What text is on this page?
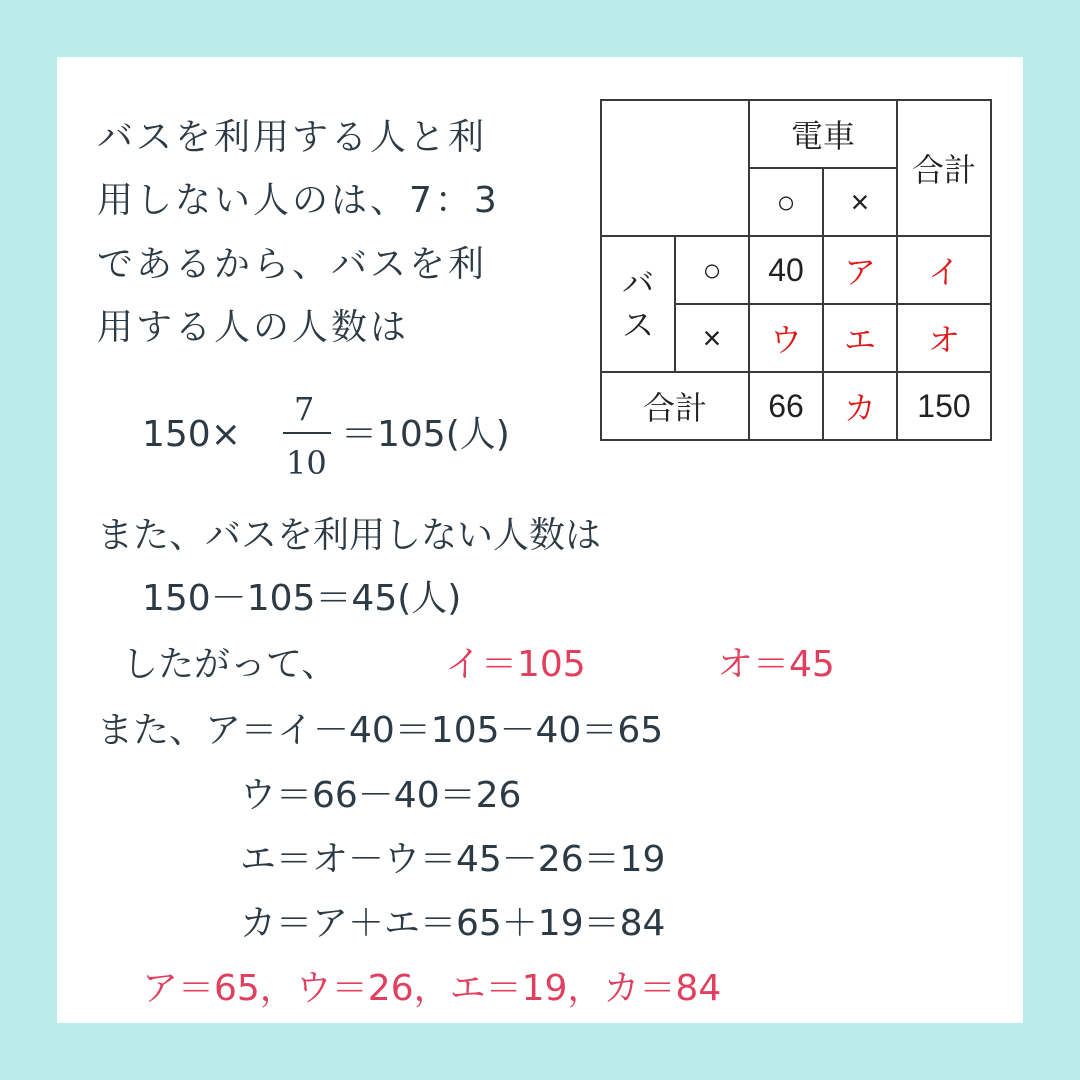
バスを利用する人と利
用しない人のは、7：3
であるから、バスを利
用する人の人数は
150×
7
10
＝105(人)
		電車		合計
		○	×	

バ
ス	○	40	ア	イ
	×	ウ	エ	オ
合計		66	カ	150
また、バスを利用しない人数は
150－105＝45(人)
したがって、	イ＝105	オ＝45
また、ア＝イ－40＝105－40＝65
ウ＝66－40＝26
エ＝オ－ウ＝45－26＝19
カ＝ア＋エ＝65＋19＝84
ア＝65，ウ＝26，エ＝19，カ＝84
